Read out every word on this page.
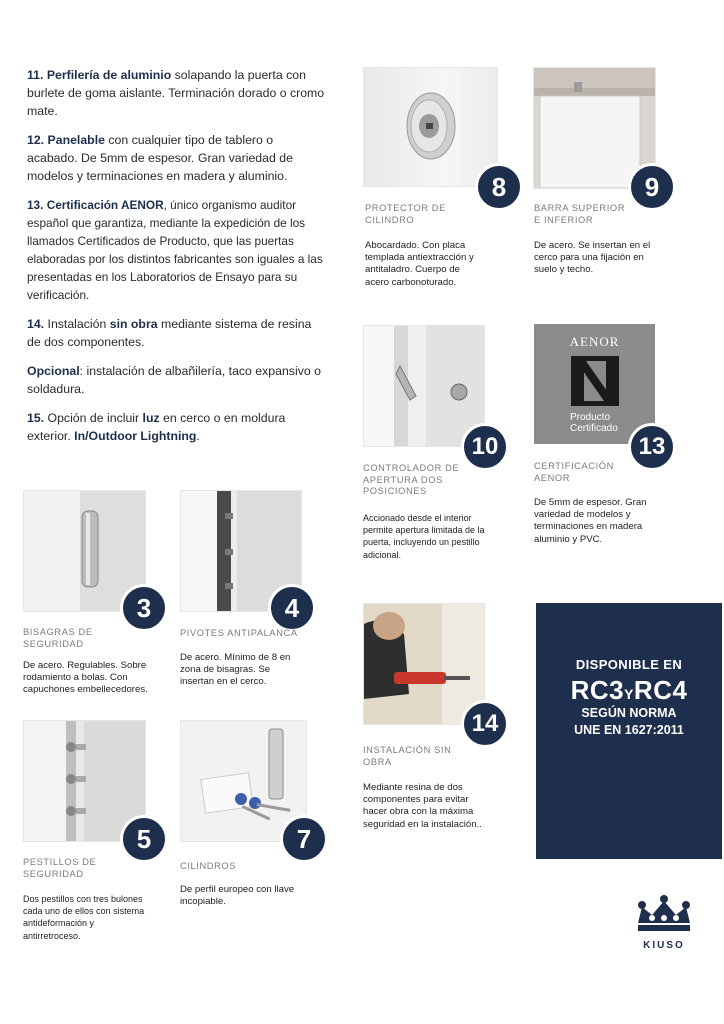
11. Perfilería de aluminio solapando la puerta con burlete de goma aislante. Terminación dorado o cromo mate.

12. Panelable con cualquier tipo de tablero o acabado. De 5mm de espesor. Gran variedad de modelos y terminaciones en madera y aluminio.

13. Certificación AENOR, único organismo auditor español que garantiza, mediante la expedición de los llamados Certificados de Producto, que las puertas elaboradas por los distintos fabricantes son iguales a las presentadas en los Laboratorios de Ensayo para su verificación.

14. Instalación sin obra mediante sistema de resina de dos componentes.

Opcional: instalación de albañilería, taco expansivo o soldadura.

15. Opción de incluir luz en cerco o en moldura exterior. In/Outdoor Lightning.

8
PROTECTOR DE CILINDRO
Abocardado. Con placa templada antiextracción y antitaladro. Cuerpo de acero carbonoturado.
9
BARRA SUPERIOR E INFERIOR
De acero. Se insertan en el cerco para una fijación en suelo y techo.
10
CONTROLADOR DE APERTURA DOS POSICIONES
Accionado desde el interior permite apertura limitada de la puerta, incluyendo un pestillo adicional.
AENOR
Producto
Certificado
13
CERTIFICACIÓN AENOR
De 5mm de espesor. Gran variedad de modelos y terminaciones en madera aluminio y PVC.
3
BISAGRAS DE SEGURIDAD
De acero. Regulables. Sobre rodamiento a bolas. Con capuchones embellecedores.
4
PIVOTES ANTIPALANCA
De acero. Mínimo de 8 en zona de bisagras. Se insertan en el cerco.
14
INSTALACIÓN SIN OBRA
Mediante resina de dos componentes para evitar hacer obra con la máxima seguridad en la instalación..
DISPONIBLE EN
RC3YRC4
SEGÚN NORMA
UNE EN 1627:2011
5
PESTILLOS DE SEGURIDAD
Dos pestillos con tres bulones cada uno de ellos con sistema antideformación y antirretroceso.
7
CILINDROS
De perfil europeo con llave incopiable.
KIUSO
